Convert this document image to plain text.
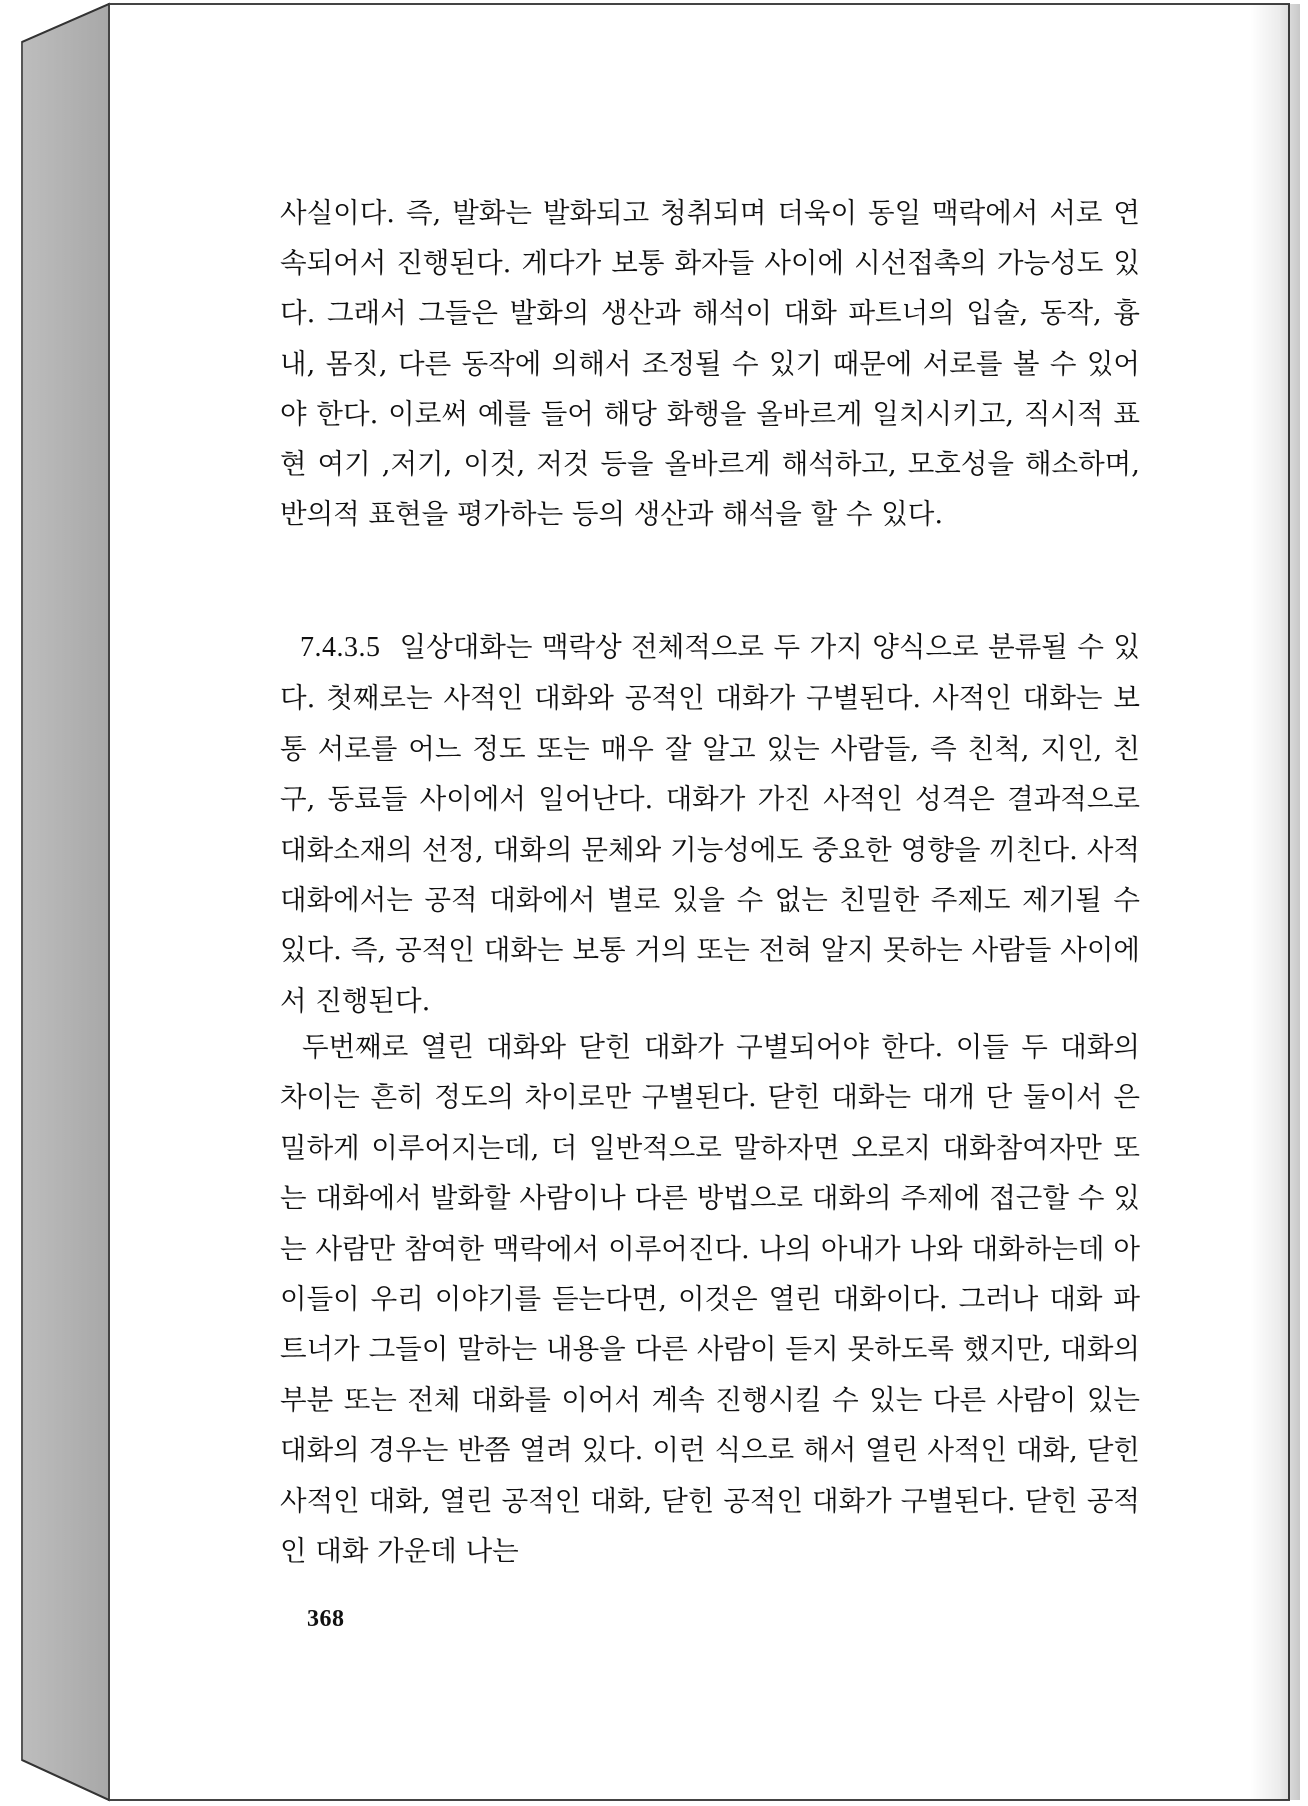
사실이다. 즉, 발화는 발화되고 청취되며 더욱이 동일 맥락에서 서로 연속되어서 진행된다. 게다가 보통 화자들 사이에 시선접촉의 가능성도 있다. 그래서 그들은 발화의 생산과 해석이 대화 파트너의 입술, 동작, 흉내, 몸짓, 다른 동작에 의해서 조정될 수 있기 때문에 서로를 볼 수 있어야 한다. 이로써 예를 들어 해당 화행을 올바르게 일치시키고, 직시적 표현 여기 ,저기, 이것, 저것 등을 올바르게 해석하고, 모호성을 해소하며, 반의적 표현을 평가하는 등의 생산과 해석을 할 수 있다.

7.4.3.5 일상대화는 맥락상 전체적으로 두 가지 양식으로 분류될 수 있다. 첫째로는 사적인 대화와 공적인 대화가 구별된다. 사적인 대화는 보통 서로를 어느 정도 또는 매우 잘 알고 있는 사람들, 즉 친척, 지인, 친구, 동료들 사이에서 일어난다. 대화가 가진 사적인 성격은 결과적으로 대화소재의 선정, 대화의 문체와 기능성에도 중요한 영향을 끼친다. 사적 대화에서는 공적 대화에서 별로 있을 수 없는 친밀한 주제도 제기될 수 있다. 즉, 공적인 대화는 보통 거의 또는 전혀 알지 못하는 사람들 사이에서 진행된다.

두번째로 열린 대화와 닫힌 대화가 구별되어야 한다. 이들 두 대화의 차이는 흔히 정도의 차이로만 구별된다. 닫힌 대화는 대개 단 둘이서 은밀하게 이루어지는데, 더 일반적으로 말하자면 오로지 대화참여자만 또는 대화에서 발화할 사람이나 다른 방법으로 대화의 주제에 접근할 수 있는 사람만 참여한 맥락에서 이루어진다. 나의 아내가 나와 대화하는데 아이들이 우리 이야기를 듣는다면, 이것은 열린 대화이다. 그러나 대화 파트너가 그들이 말하는 내용을 다른 사람이 듣지 못하도록 했지만, 대화의 부분 또는 전체 대화를 이어서 계속 진행시킬 수 있는 다른 사람이 있는 대화의 경우는 반쯤 열려 있다. 이런 식으로 해서 열린 사적인 대화, 닫힌 사적인 대화, 열린 공적인 대화, 닫힌 공적인 대화가 구별된다. 닫힌 공적인 대화 가운데 나는

368
